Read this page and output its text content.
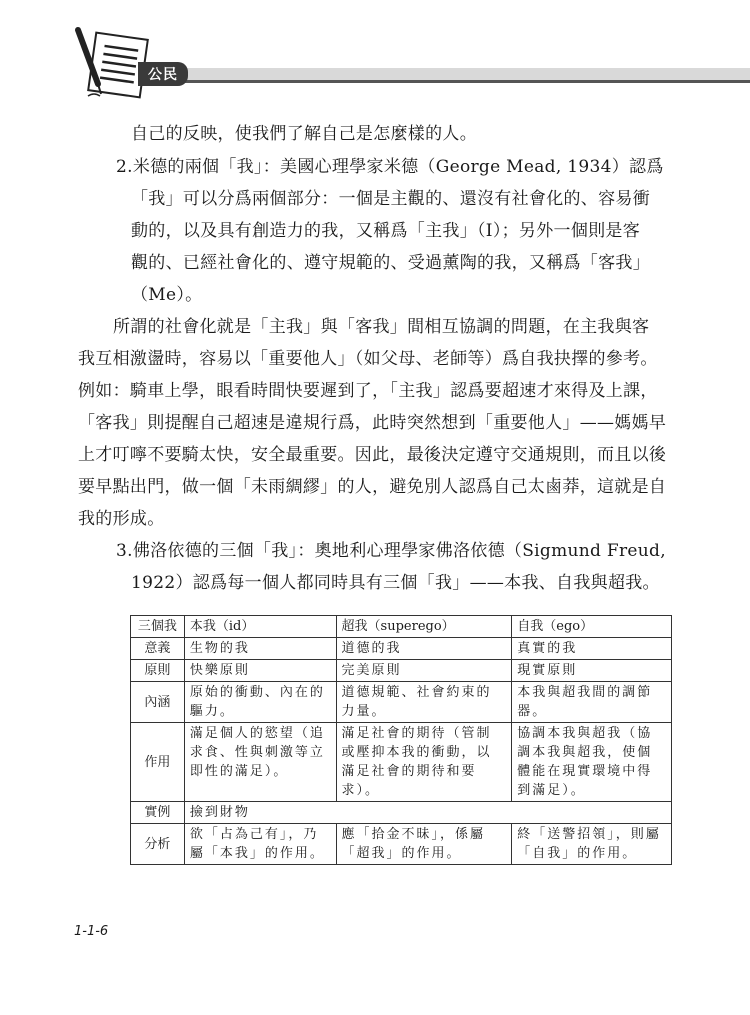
公民
自己的反映，使我們了解自己是怎麼樣的人。
2.米德的兩個「我」：美國心理學家米德（George Mead, 1934）認爲
「我」可以分爲兩個部分：一個是主觀的、還沒有社會化的、容易衝
動的，以及具有創造力的我，又稱爲「主我」（I）；另外一個則是客
觀的、已經社會化的、遵守規範的、受過薰陶的我，又稱爲「客我」
（Me）。
所謂的社會化就是「主我」與「客我」間相互協調的問題，在主我與客
我互相激盪時，容易以「重要他人」（如父母、老師等）爲自我抉擇的參考。
例如：騎車上學，眼看時間快要遲到了，「主我」認爲要超速才來得及上課，
「客我」則提醒自己超速是違規行爲，此時突然想到「重要他人」——媽媽早
上才叮嚀不要騎太快，安全最重要。因此，最後決定遵守交通規則，而且以後
要早點出門，做一個「未雨綢繆」的人，避免別人認爲自己太鹵莽，這就是自
我的形成。
3.佛洛依德的三個「我」：奧地利心理學家佛洛依德（Sigmund Freud,
1922）認爲每一個人都同時具有三個「我」——本我、自我與超我。
三個我	本我（id）	超我（superego）	自我（ego）
意義	生物的我	道德的我	真實的我
原則	快樂原則	完美原則	現實原則
內涵	原始的衝動、內在的驅力。	道德規範、社會約束的力量。	本我與超我間的調節器。
作用	滿足個人的慾望（追求食、性與刺激等立即性的滿足）。	滿足社會的期待（管制或壓抑本我的衝動，以滿足社會的期待和要求）。	協調本我與超我（協調本我與超我，使個體能在現實環境中得到滿足）。
實例	撿到財物		
分析	欲「占為己有」，乃屬「本我」的作用。	應「拾金不昧」，係屬「超我」的作用。	終「送警招領」，則屬「自我」的作用。
1-1-6
